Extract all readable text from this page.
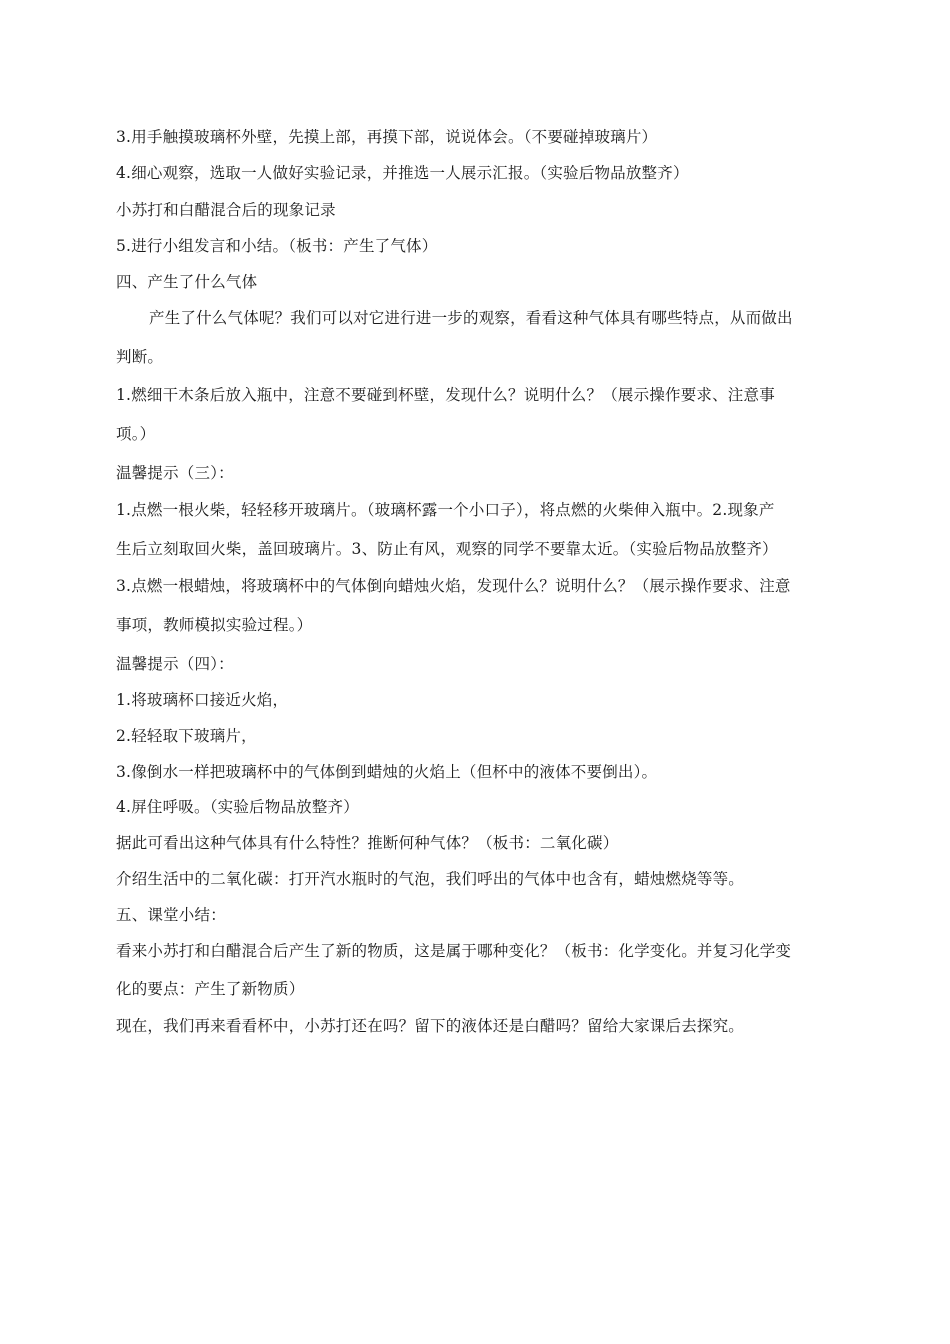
3.用手触摸玻璃杯外壁，先摸上部，再摸下部，说说体会。（不要碰掉玻璃片）
4.细心观察，选取一人做好实验记录，并推选一人展示汇报。（实验后物品放整齐）
小苏打和白醋混合后的现象记录
5.进行小组发言和小结。（板书：产生了气体）
四、产生了什么气体
产生了什么气体呢？我们可以对它进行进一步的观察，看看这种气体具有哪些特点，从而做出
判断。
1.燃细干木条后放入瓶中，注意不要碰到杯壁，发现什么？说明什么？（展示操作要求、注意事
项。）
温馨提示（三）：
1.点燃一根火柴，轻轻移开玻璃片。（玻璃杯露一个小口子），将点燃的火柴伸入瓶中。2.现象产
生后立刻取回火柴，盖回玻璃片。3、防止有风，观察的同学不要靠太近。（实验后物品放整齐）
3.点燃一根蜡烛，将玻璃杯中的气体倒向蜡烛火焰，发现什么？说明什么？（展示操作要求、注意
事项，教师模拟实验过程。）
温馨提示（四）：
1.将玻璃杯口接近火焰，
2.轻轻取下玻璃片，
3.像倒水一样把玻璃杯中的气体倒到蜡烛的火焰上（但杯中的液体不要倒出）。
4.屏住呼吸。（实验后物品放整齐）
据此可看出这种气体具有什么特性？推断何种气体？（板书：二氧化碳）
介绍生活中的二氧化碳：打开汽水瓶时的气泡，我们呼出的气体中也含有，蜡烛燃烧等等。
五、课堂小结：
看来小苏打和白醋混合后产生了新的物质，这是属于哪种变化？（板书：化学变化。并复习化学变
化的要点：产生了新物质）
现在，我们再来看看杯中，小苏打还在吗？留下的液体还是白醋吗？留给大家课后去探究。
